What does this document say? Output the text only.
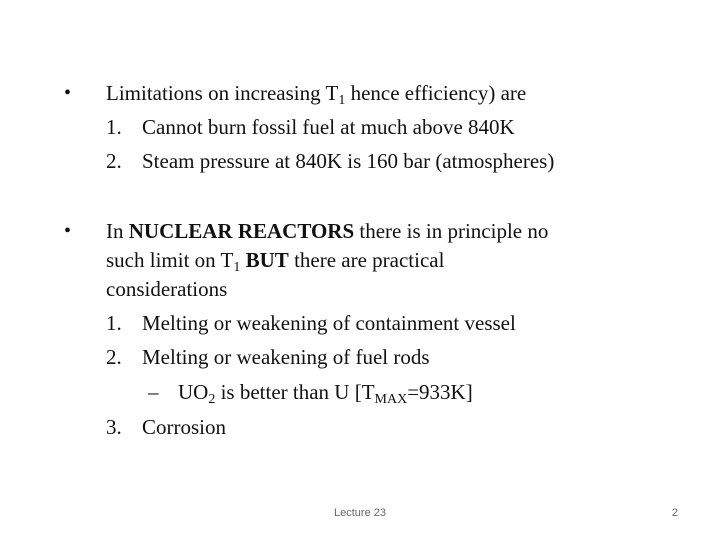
• Limitations on increasing $T_1$ hence efficiency) are
1. Cannot burn fossil fuel at much above 840K
2. Steam pressure at 840K is 160 bar (atmospheres)
• In NUCLEAR REACTORS there is in principle no
such limit on $T_1$ BUT there are practical
considerations
1. Melting or weakening of containment vessel
2. Melting or weakening of fuel rods
– $UO_2$ is better than U $[T_{MAX}=933K]$
3. Corrosion
Lecture 23	2
